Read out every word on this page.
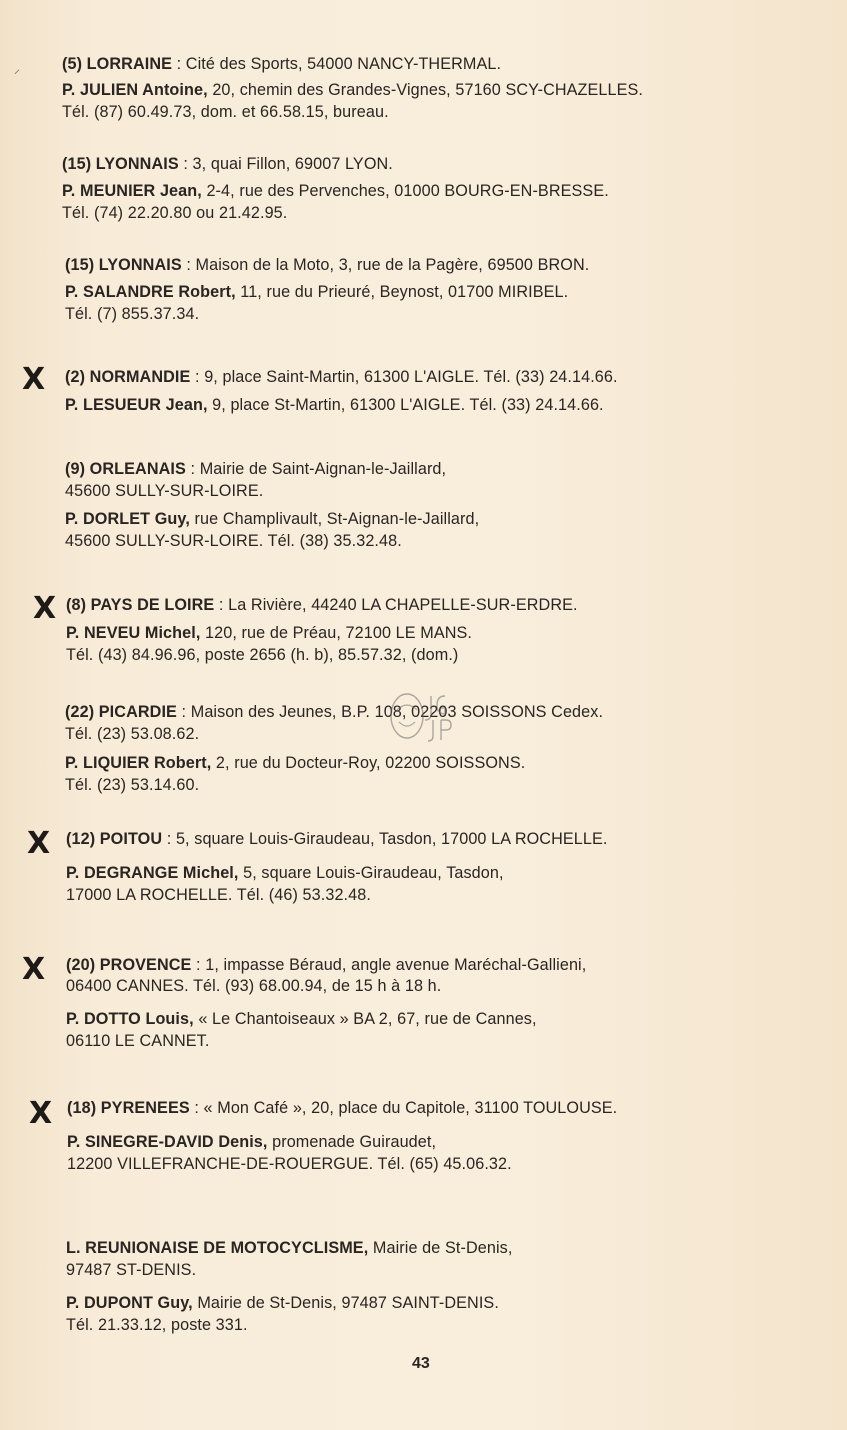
⸝	(5) LORRAINE : Cité des Sports, 54000 NANCY-THERMAL.
P. JULIEN Antoine, 20, chemin des Grandes-Vignes, 57160 SCY-CHAZELLES.
Tél. (87) 60.49.73, dom. et 66.58.15, bureau.
(15) LYONNAIS : 3, quai Fillon, 69007 LYON.
P. MEUNIER Jean, 2-4, rue des Pervenches, 01000 BOURG-EN-BRESSE.
Tél. (74) 22.20.80 ou 21.42.95.
(15) LYONNAIS : Maison de la Moto, 3, rue de la Pagère, 69500 BRON.
P. SALANDRE Robert, 11, rue du Prieuré, Beynost, 01700 MIRIBEL.
Tél. (7) 855.37.34.
X (2) NORMANDIE : 9, place Saint-Martin, 61300 L'AIGLE. Tél. (33) 24.14.66.
P. LESUEUR Jean, 9, place St-Martin, 61300 L'AIGLE. Tél. (33) 24.14.66.
(9) ORLEANAIS : Mairie de Saint-Aignan-le-Jaillard,
45600 SULLY-SUR-LOIRE.
P. DORLET Guy, rue Champlivault, St-Aignan-le-Jaillard,
45600 SULLY-SUR-LOIRE. Tél. (38) 35.32.48.
X (8) PAYS DE LOIRE : La Rivière, 44240 LA CHAPELLE-SUR-ERDRE.
P. NEVEU Michel, 120, rue de Préau, 72100 LE MANS.
Tél. (43) 84.96.96, poste 2656 (h. b), 85.57.32, (dom.)
(22) PICARDIE : Maison des Jeunes, B.P. 108, 02203 SOISSONS Cedex.
Tél. (23) 53.08.62.
P. LIQUIER Robert, 2, rue du Docteur-Roy, 02200 SOISSONS.
Tél. (23) 53.14.60.
X (12) POITOU : 5, square Louis-Giraudeau, Tasdon, 17000 LA ROCHELLE.
P. DEGRANGE Michel, 5, square Louis-Giraudeau, Tasdon,
17000 LA ROCHELLE. Tél. (46) 53.32.48.
X (20) PROVENCE : 1, impasse Béraud, angle avenue Maréchal-Gallieni,
06400 CANNES. Tél. (93) 68.00.94, de 15 h à 18 h.
P. DOTTO Louis, « Le Chantoiseaux » BA 2, 67, rue de Cannes,
06110 LE CANNET.
X (18) PYRENEES : « Mon Café », 20, place du Capitole, 31100 TOULOUSE.
P. SINEGRE-DAVID Denis, promenade Guiraudet,
12200 VILLEFRANCHE-DE-ROUERGUE. Tél. (65) 45.06.32.
L. REUNIONAISE DE MOTOCYCLISME, Mairie de St-Denis,
97487 ST-DENIS.
P. DUPONT Guy, Mairie de St-Denis, 97487 SAINT-DENIS.
Tél. 21.33.12, poste 331.
43
